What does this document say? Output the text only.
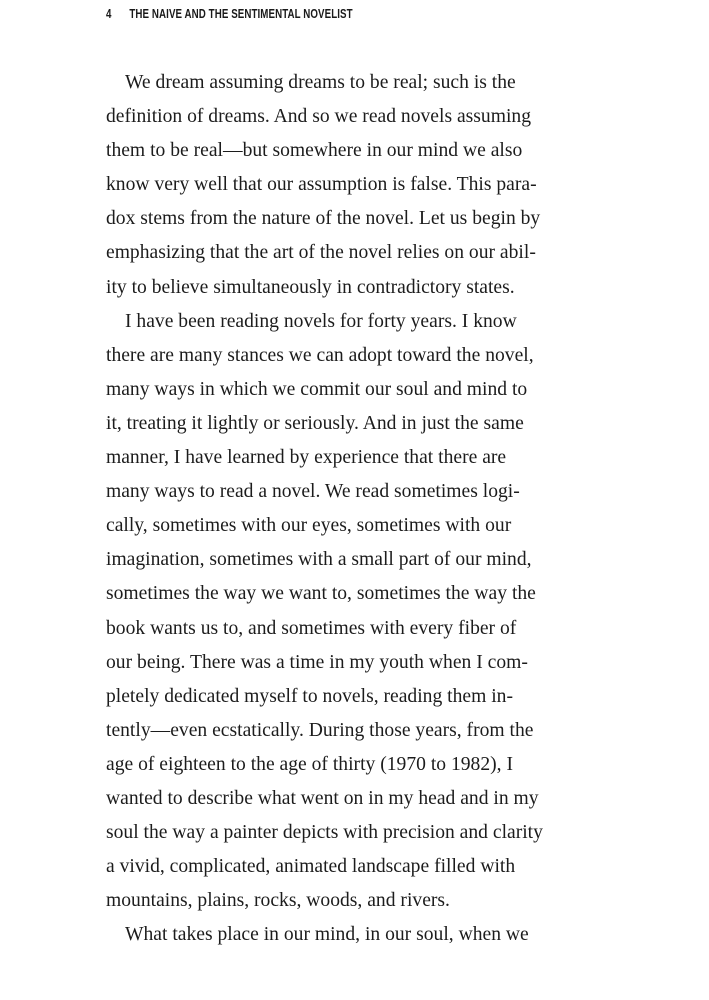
4	THE NAIVE AND THE SENTIMENTAL NOVELIST
We dream assuming dreams to be real; such is the
definition of dreams. And so we read novels assuming
them to be real—but somewhere in our mind we also
know very well that our assumption is false. This para-
dox stems from the nature of the novel. Let us begin by
emphasizing that the art of the novel relies on our abil-
ity to believe simultaneously in contradictory states.
I have been reading novels for forty years. I know
there are many stances we can adopt toward the novel,
many ways in which we commit our soul and mind to
it, treating it lightly or seriously. And in just the same
manner, I have learned by experience that there are
many ways to read a novel. We read sometimes logi-
cally, sometimes with our eyes, sometimes with our
imagination, sometimes with a small part of our mind,
sometimes the way we want to, sometimes the way the
book wants us to, and sometimes with every fiber of
our being. There was a time in my youth when I com-
pletely dedicated myself to novels, reading them in-
tently—even ecstatically. During those years, from the
age of eighteen to the age of thirty (1970 to 1982), I
wanted to describe what went on in my head and in my
soul the way a painter depicts with precision and clarity
a vivid, complicated, animated landscape filled with
mountains, plains, rocks, woods, and rivers.
What takes place in our mind, in our soul, when we
